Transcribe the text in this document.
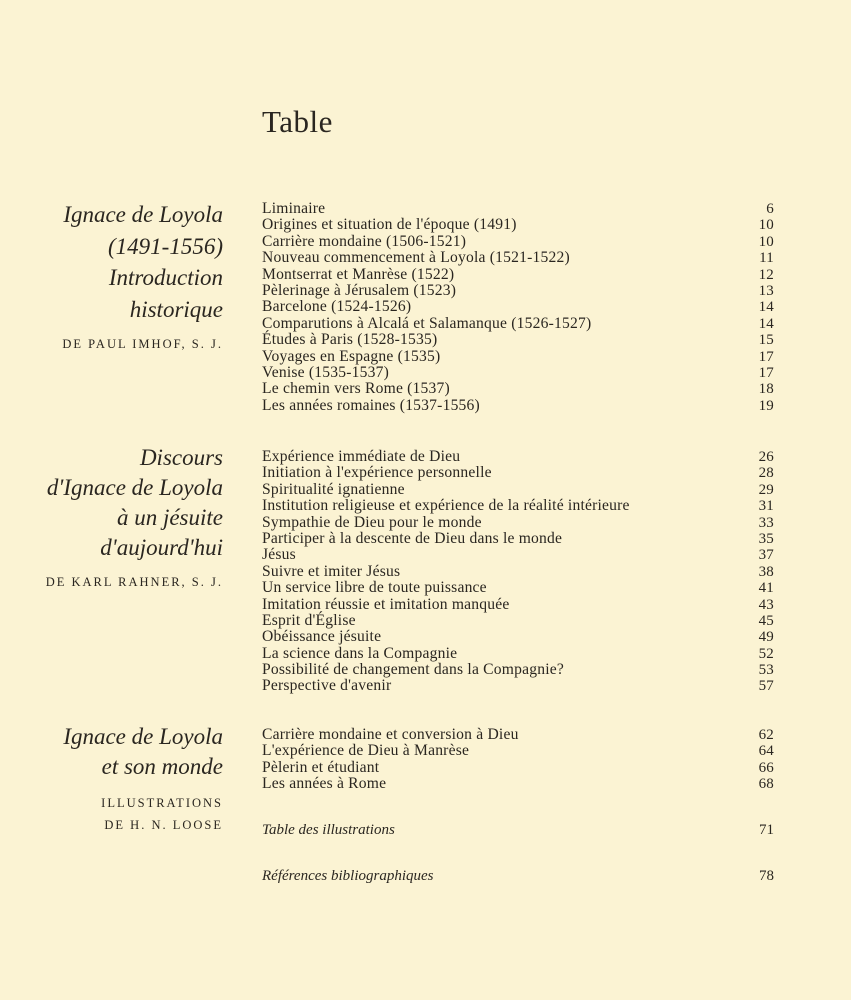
Table
Ignace de Loyola
(1491-1556)
Introduction
historique
DE PAUL IMHOF, S. J.
Liminaire	6
Origines et situation de l'époque (1491)	10
Carrière mondaine (1506-1521)	10
Nouveau commencement à Loyola (1521-1522)	11
Montserrat et Manrèse (1522)	12
Pèlerinage à Jérusalem (1523)	13
Barcelone (1524-1526)	14
Comparutions à Alcalá et Salamanque (1526-1527)	14
Études à Paris (1528-1535)	15
Voyages en Espagne (1535)	17
Venise (1535-1537)	17
Le chemin vers Rome (1537)	18
Les années romaines (1537-1556)	19
Discours
d'Ignace de Loyola
à un jésuite
d'aujourd'hui
DE KARL RAHNER, S. J.
Expérience immédiate de Dieu	26
Initiation à l'expérience personnelle	28
Spiritualité ignatienne	29
Institution religieuse et expérience de la réalité intérieure	31
Sympathie de Dieu pour le monde	33
Participer à la descente de Dieu dans le monde	35
Jésus	37
Suivre et imiter Jésus	38
Un service libre de toute puissance	41
Imitation réussie et imitation manquée	43
Esprit d'Église	45
Obéissance jésuite	49
La science dans la Compagnie	52
Possibilité de changement dans la Compagnie?	53
Perspective d'avenir	57
Ignace de Loyola
et son monde
ILLUSTRATIONS
DE H. N. LOOSE
Carrière mondaine et conversion à Dieu	62
L'expérience de Dieu à Manrèse	64
Pèlerin et étudiant	66
Les années à Rome	68
Table des illustrations	71
Références bibliographiques	78
